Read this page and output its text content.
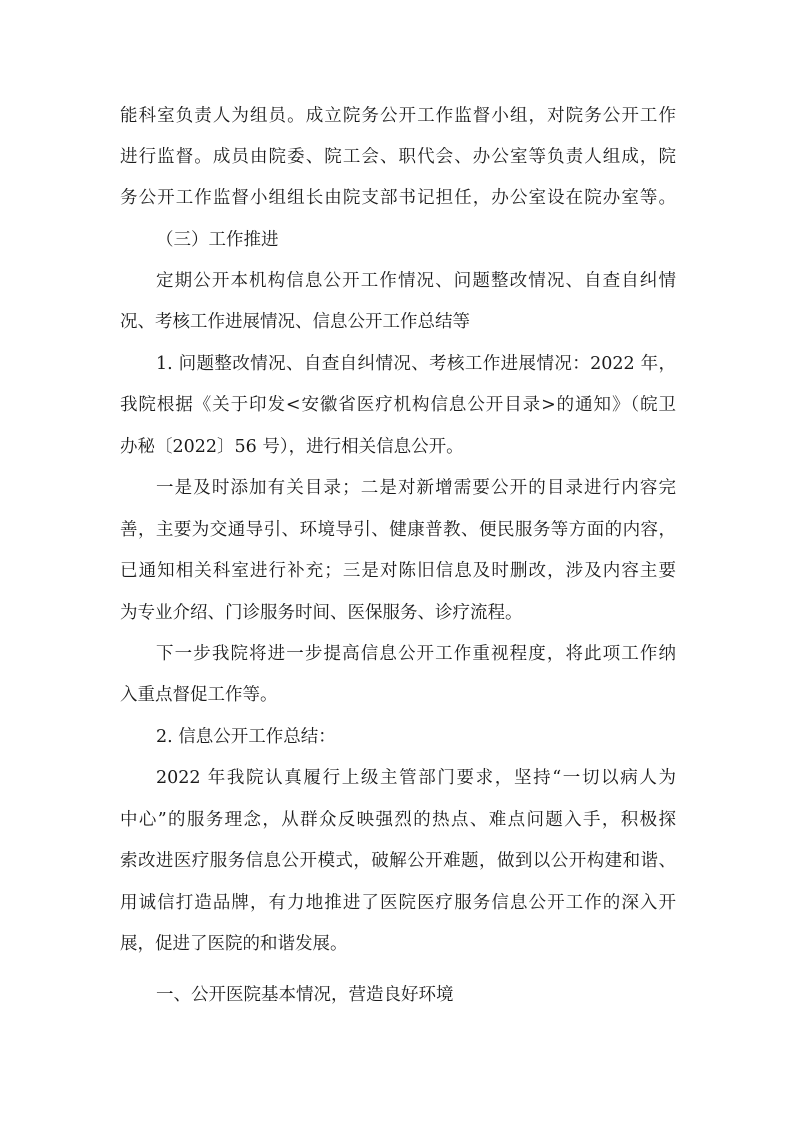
能科室负责人为组员。成立院务公开工作监督小组，对院务公开工作
进行监督。成员由院委、院工会、职代会、办公室等负责人组成，院
务公开工作监督小组组长由院支部书记担任，办公室设在院办室等。
（三）工作推进
定期公开本机构信息公开工作情况、问题整改情况、自查自纠情
况、考核工作进展情况、信息公开工作总结等
1. 问题整改情况、自查自纠情况、考核工作进展情况：2022 年，
我院根据《关于印发<安徽省医疗机构信息公开目录>的通知》（皖卫
办秘〔2022〕56 号），进行相关信息公开。
一是及时添加有关目录；二是对新增需要公开的目录进行内容完
善，主要为交通导引、环境导引、健康普教、便民服务等方面的内容，
已通知相关科室进行补充；三是对陈旧信息及时删改，涉及内容主要
为专业介绍、门诊服务时间、医保服务、诊疗流程。
下一步我院将进一步提高信息公开工作重视程度，将此项工作纳
入重点督促工作等。
2. 信息公开工作总结：
2022 年我院认真履行上级主管部门要求，坚持“一切以病人为
中心”的服务理念，从群众反映强烈的热点、难点问题入手，积极探
索改进医疗服务信息公开模式，破解公开难题，做到以公开构建和谐、
用诚信打造品牌，有力地推进了医院医疗服务信息公开工作的深入开
展，促进了医院的和谐发展。
一、公开医院基本情况，营造良好环境
